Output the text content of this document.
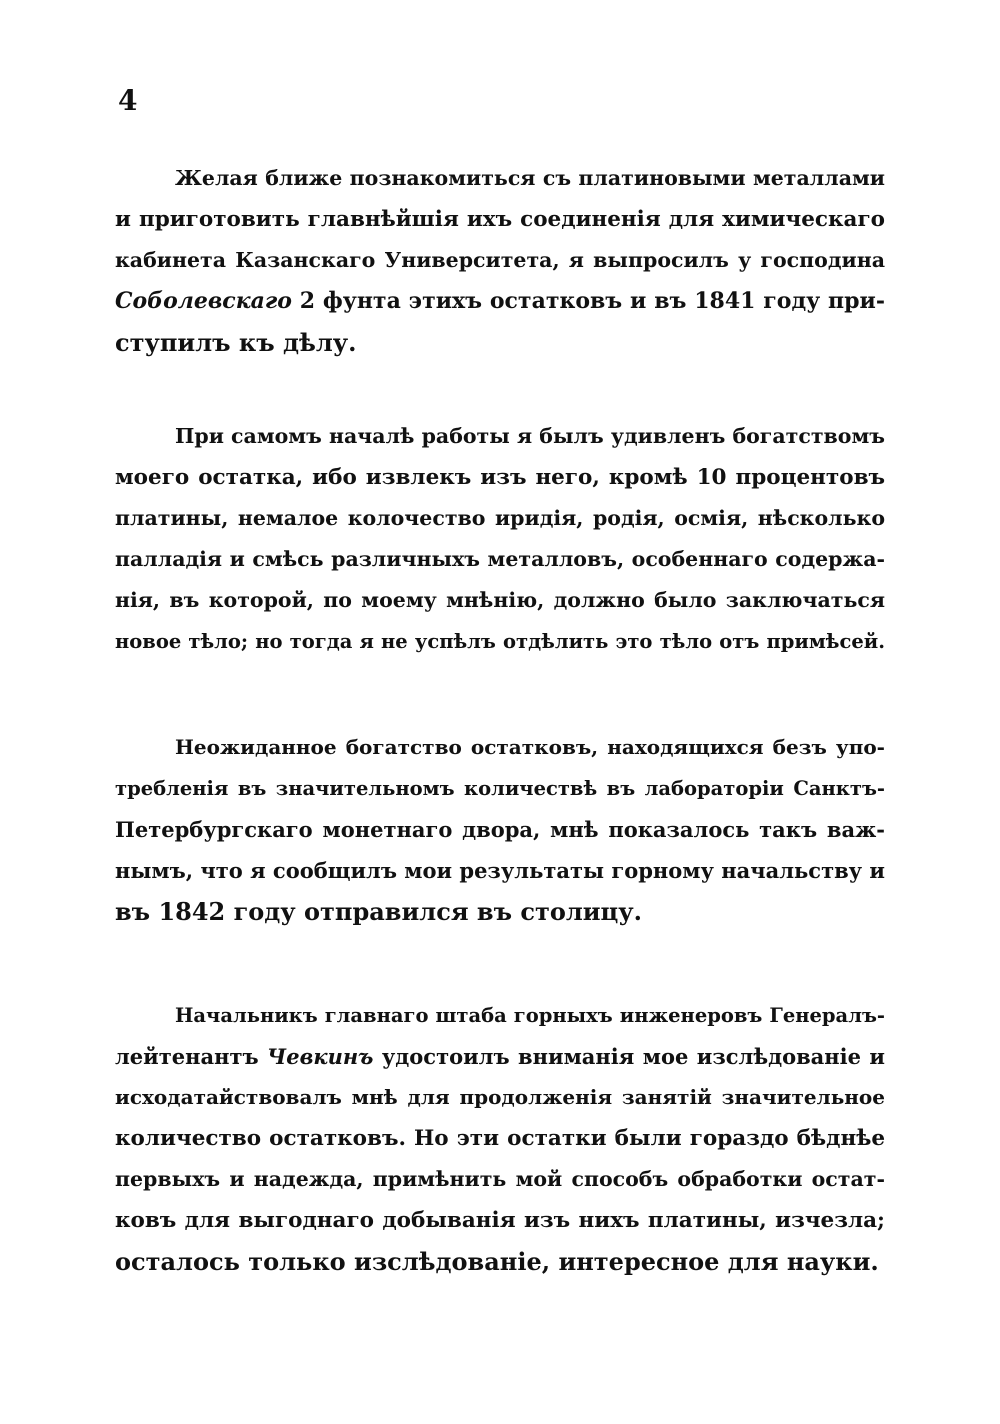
4
Желая ближе познакомиться съ платиновыми металлами
и приготовить главнѣйшія ихъ соединенія для химическаго
кабинета Казанскаго Университета, я выпросилъ у господина
Соболевскаго 2 фунта этихъ остатковъ и въ 1841 году при-
ступилъ къ дѣлу.
При самомъ началѣ работы я былъ удивленъ богатствомъ
моего остатка, ибо извлекъ изъ него, кромѣ 10 процентовъ
платины, немалое колочество иридія, родія, осмія, нѣсколько
палладія и смѣсь различныхъ металловъ, особеннаго содержа-
нія, въ которой, по моему мнѣнію, должно было заключаться
новое тѣло; но тогда я не успѣлъ отдѣлить это тѣло отъ примѣсей.
Неожиданное богатство остатковъ, находящихся безъ упо-
требленія въ значительномъ количествѣ въ лабораторіи Санктъ-
Петербургскаго монетнаго двора, мнѣ показалось такъ важ-
нымъ, что я сообщилъ мои результаты горному начальству и
въ 1842 году отправился въ столицу.
Начальникъ главнаго штаба горныхъ инженеровъ Генералъ-
лейтенантъ Чевкинъ удостоилъ вниманія мое изслѣдованіе и
исходатайствовалъ мнѣ для продолженія занятій значительное
количество остатковъ. Но эти остатки были гораздо бѣднѣе
первыхъ и надежда, примѣнить мой способъ обработки остат-
ковъ для выгоднаго добыванія изъ нихъ платины, изчезла;
осталось только изслѣдованіе, интересное для науки.
